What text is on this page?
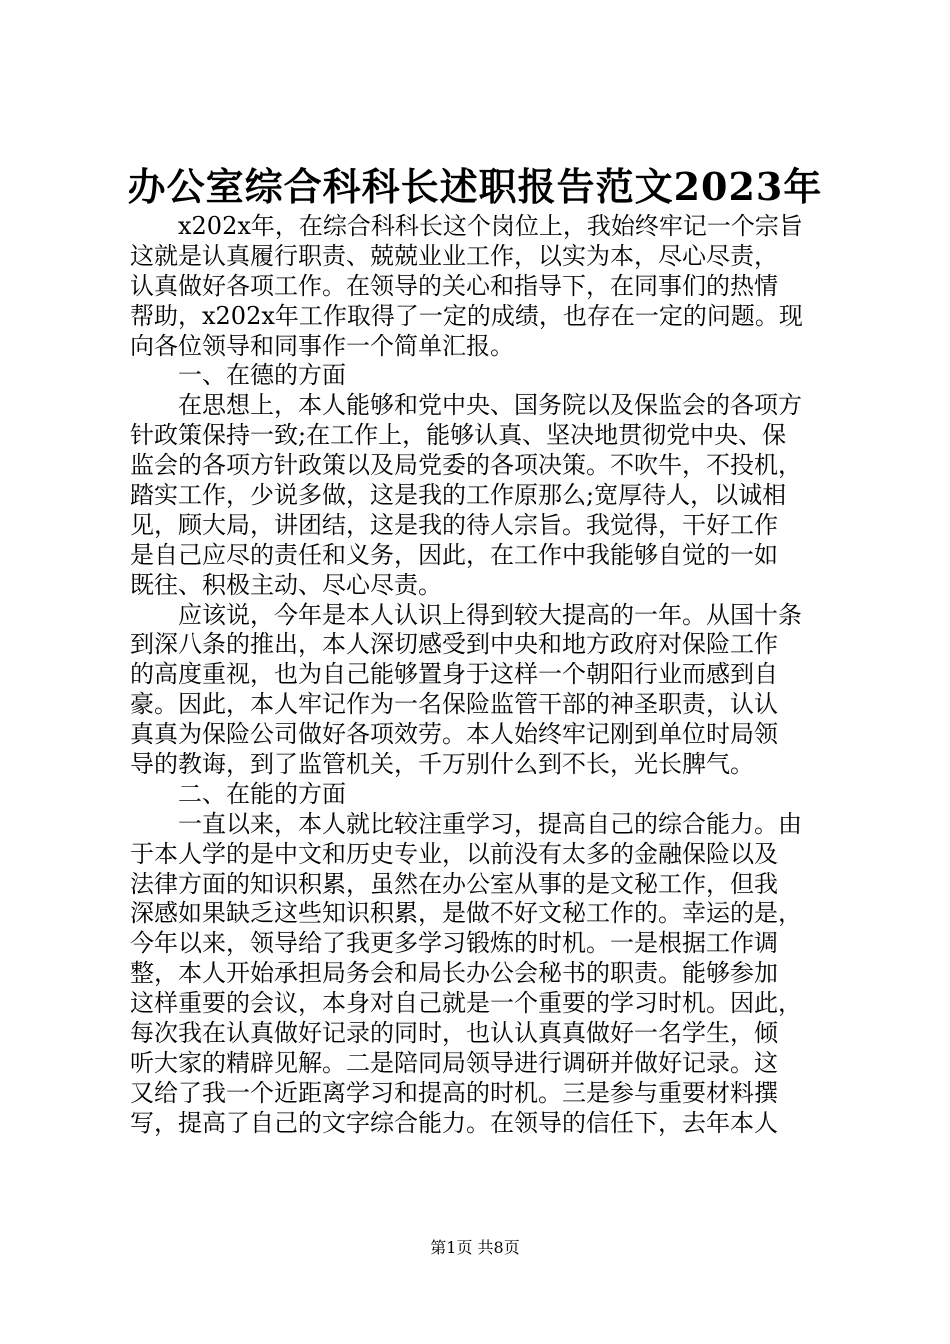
办公室综合科科长述职报告范文2023年
x202x年，在综合科科长这个岗位上，我始终牢记一个宗旨
这就是认真履行职责、兢兢业业工作，以实为本，尽心尽责，
认真做好各项工作。在领导的关心和指导下，在同事们的热情
帮助，x202x年工作取得了一定的成绩，也存在一定的问题。现
向各位领导和同事作一个简单汇报。
一、在德的方面
在思想上，本人能够和党中央、国务院以及保监会的各项方
针政策保持一致;在工作上，能够认真、坚决地贯彻党中央、保
监会的各项方针政策以及局党委的各项决策。不吹牛，不投机，
踏实工作，少说多做，这是我的工作原那么;宽厚待人，以诚相
见，顾大局，讲团结，这是我的待人宗旨。我觉得，干好工作
是自己应尽的责任和义务，因此，在工作中我能够自觉的一如
既往、积极主动、尽心尽责。
应该说，今年是本人认识上得到较大提高的一年。从国十条
到深八条的推出，本人深切感受到中央和地方政府对保险工作
的高度重视，也为自己能够置身于这样一个朝阳行业而感到自
豪。因此，本人牢记作为一名保险监管干部的神圣职责，认认
真真为保险公司做好各项效劳。本人始终牢记刚到单位时局领
导的教诲，到了监管机关，千万别什么到不长，光长脾气。
二、在能的方面
一直以来，本人就比较注重学习，提高自己的综合能力。由
于本人学的是中文和历史专业，以前没有太多的金融保险以及
法律方面的知识积累，虽然在办公室从事的是文秘工作，但我
深感如果缺乏这些知识积累，是做不好文秘工作的。幸运的是，
今年以来，领导给了我更多学习锻炼的时机。一是根据工作调
整，本人开始承担局务会和局长办公会秘书的职责。能够参加
这样重要的会议，本身对自己就是一个重要的学习时机。因此，
每次我在认真做好记录的同时，也认认真真做好一名学生，倾
听大家的精辟见解。二是陪同局领导进行调研并做好记录。这
又给了我一个近距离学习和提高的时机。三是参与重要材料撰
写，提高了自己的文字综合能力。在领导的信任下，去年本人
第1页 共8页
